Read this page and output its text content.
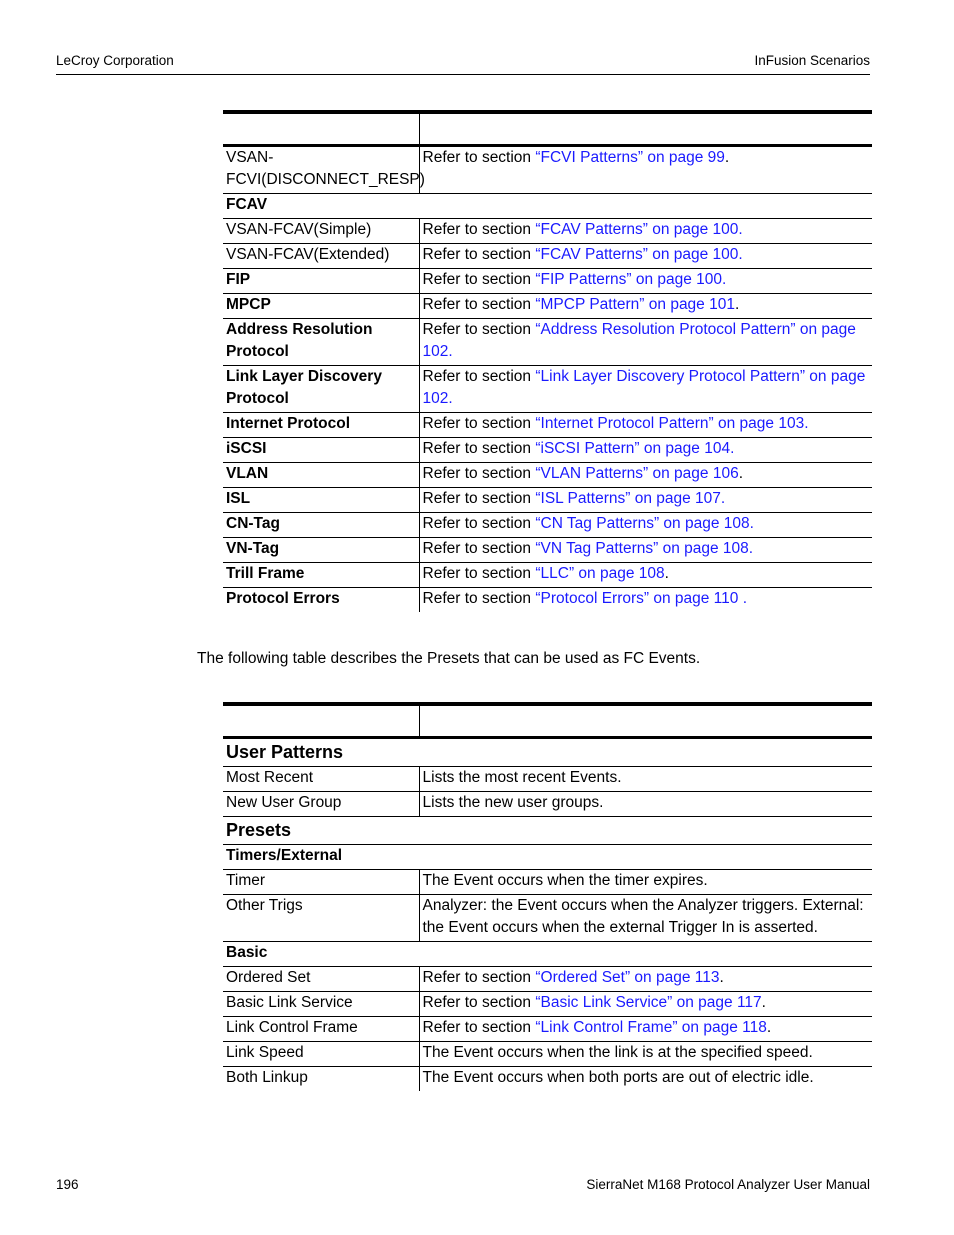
LeCroy Corporation	InFusion Scenarios

VSAN-FCVI(DISCONNECT_RESP)	Refer to section “FCVI Patterns” on page 99.
FCAV	
VSAN-FCAV(Simple)	Refer to section “FCAV Patterns” on page 100.
VSAN-FCAV(Extended)	Refer to section “FCAV Patterns” on page 100.
FIP	Refer to section “FIP Patterns” on page 100.
MPCP	Refer to section “MPCP Pattern” on page 101.
Address Resolution Protocol	Refer to section “Address Resolution Protocol Pattern” on page 102.
Link Layer Discovery Protocol	Refer to section “Link Layer Discovery Protocol Pattern” on page 102.
Internet Protocol	Refer to section “Internet Protocol Pattern” on page 103.
iSCSI	Refer to section “iSCSI Pattern” on page 104.
VLAN	Refer to section “VLAN Patterns” on page 106.
ISL	Refer to section “ISL Patterns” on page 107.
CN-Tag	Refer to section “CN Tag Patterns” on page 108.
VN-Tag	Refer to section “VN Tag Patterns” on page 108.
Trill Frame	Refer to section “LLC” on page 108.
Protocol Errors	Refer to section “Protocol Errors” on page 110 .
The following table describes the Presets that can be used as FC Events.

User Patterns	
Most Recent	Lists the most recent Events.
New User Group	Lists the new user groups.
Presets	
Timers/External	
Timer	The Event occurs when the timer expires.
Other Trigs	Analyzer: the Event occurs when the Analyzer triggers. External: the Event occurs when the external Trigger In is asserted.
Basic	
Ordered Set	Refer to section “Ordered Set” on page 113.
Basic Link Service	Refer to section “Basic Link Service” on page 117.
Link Control Frame	Refer to section “Link Control Frame” on page 118.
Link Speed	The Event occurs when the link is at the specified speed.
Both Linkup	The Event occurs when both ports are out of electric idle.
196	SierraNet M168 Protocol Analyzer User Manual
